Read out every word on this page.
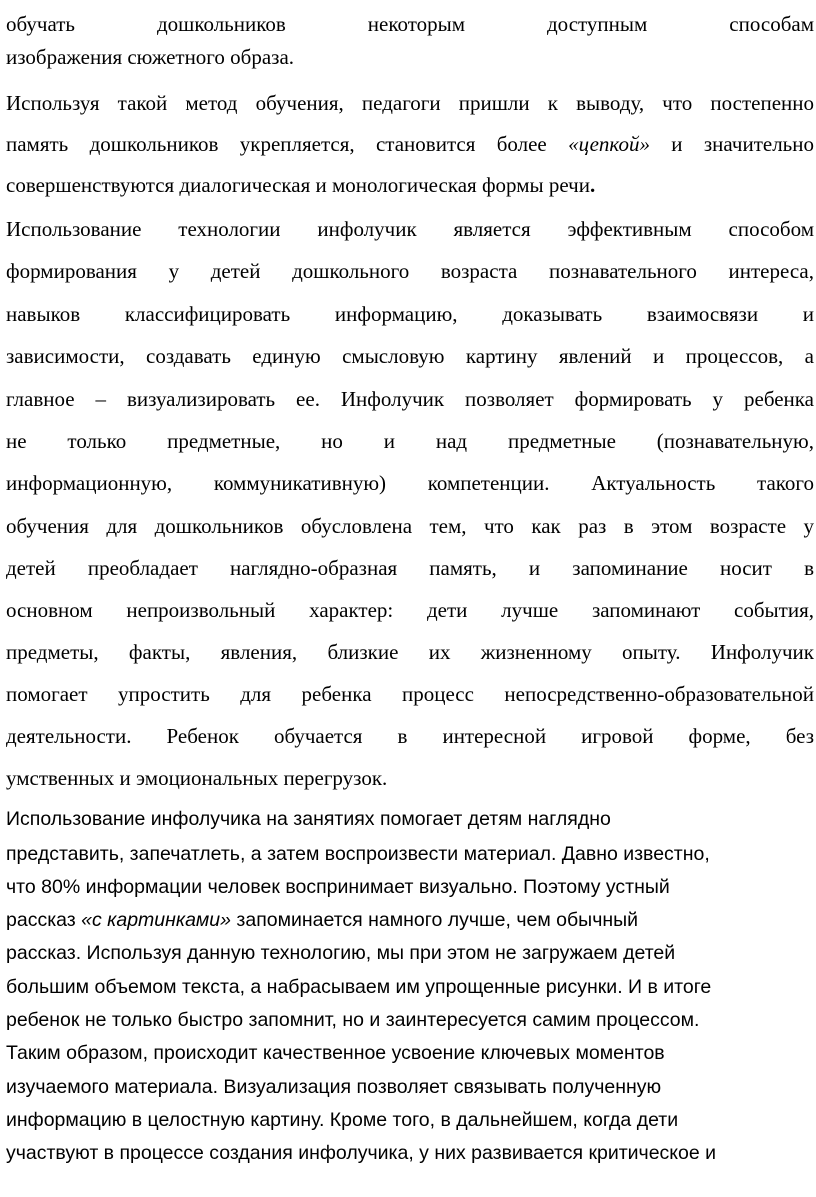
обучать дошкольников некоторым доступным способам
изображения сюжетного образа.
Используя такой метод обучения, педагоги пришли к выводу, что постепенно
память дошкольников укрепляется, становится более «цепкой» и значительно
совершенствуются диалогическая и монологическая формы речи.
Использование технологии инфолучик является эффективным способом
формирования у детей дошкольного возраста познавательного интереса,
навыков классифицировать информацию, доказывать взаимосвязи и
зависимости, создавать единую смысловую картину явлений и процессов, а
главное – визуализировать ее. Инфолучик позволяет формировать у ребенка
не только предметные, но и над предметные (познавательную,
информационную, коммуникативную) компетенции. Актуальность такого
обучения для дошкольников обусловлена тем, что как раз в этом возрасте у
детей преобладает наглядно-образная память, и запоминание носит в
основном непроизвольный характер: дети лучше запоминают события,
предметы, факты, явления, близкие их жизненному опыту. Инфолучик
помогает упростить для ребенка процесс непосредственно-образовательной
деятельности. Ребенок обучается в интересной игровой форме, без
умственных и эмоциональных перегрузок.
Использование инфолучика на занятиях помогает детям наглядно
представить, запечатлеть, а затем воспроизвести материал. Давно известно,
что 80% информации человек воспринимает визуально. Поэтому устный
рассказ «с картинками» запоминается намного лучше, чем обычный
рассказ. Используя данную технологию, мы при этом не загружаем детей
большим объемом текста, а набрасываем им упрощенные рисунки. И в итоге
ребенок не только быстро запомнит, но и заинтересуется самим процессом.
Таким образом, происходит качественное усвоение ключевых моментов
изучаемого материала. Визуализация позволяет связывать полученную
информацию в целостную картину. Кроме того, в дальнейшем, когда дети
участвуют в процессе создания инфолучика, у них развивается критическое и
